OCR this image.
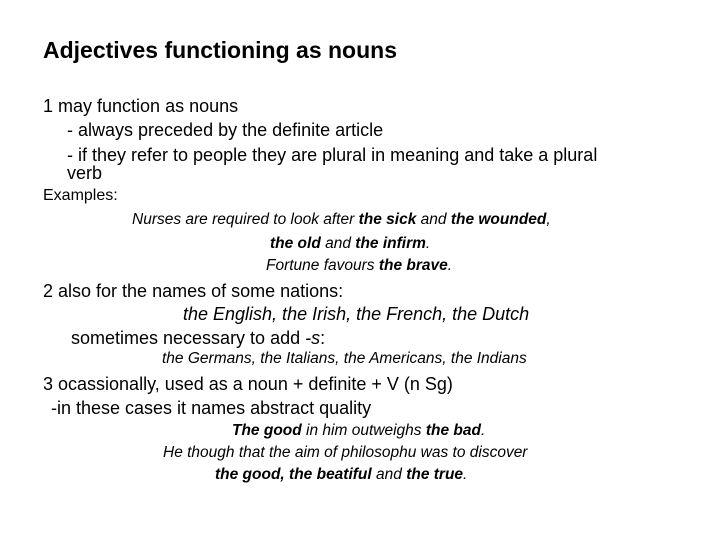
Adjectives functioning as nouns
1 may function as nouns
- always preceded by the definite article
- if they refer to people they are plural in meaning and take a plural
verb
Examples:
Nurses are required to look after the sick and the wounded,
the old and the infirm.
Fortune favours the brave.
2 also for the names of some nations:
the English, the Irish, the French, the Dutch
sometimes necessary to add -s:
the Germans, the Italians, the Americans, the Indians
3 ocassionally, used as a noun + definite + V (n Sg)
-in these cases it names abstract quality
The good in him outweighs the bad.
He though that the aim of philosophu was to discover
the good, the beatiful and the true.
